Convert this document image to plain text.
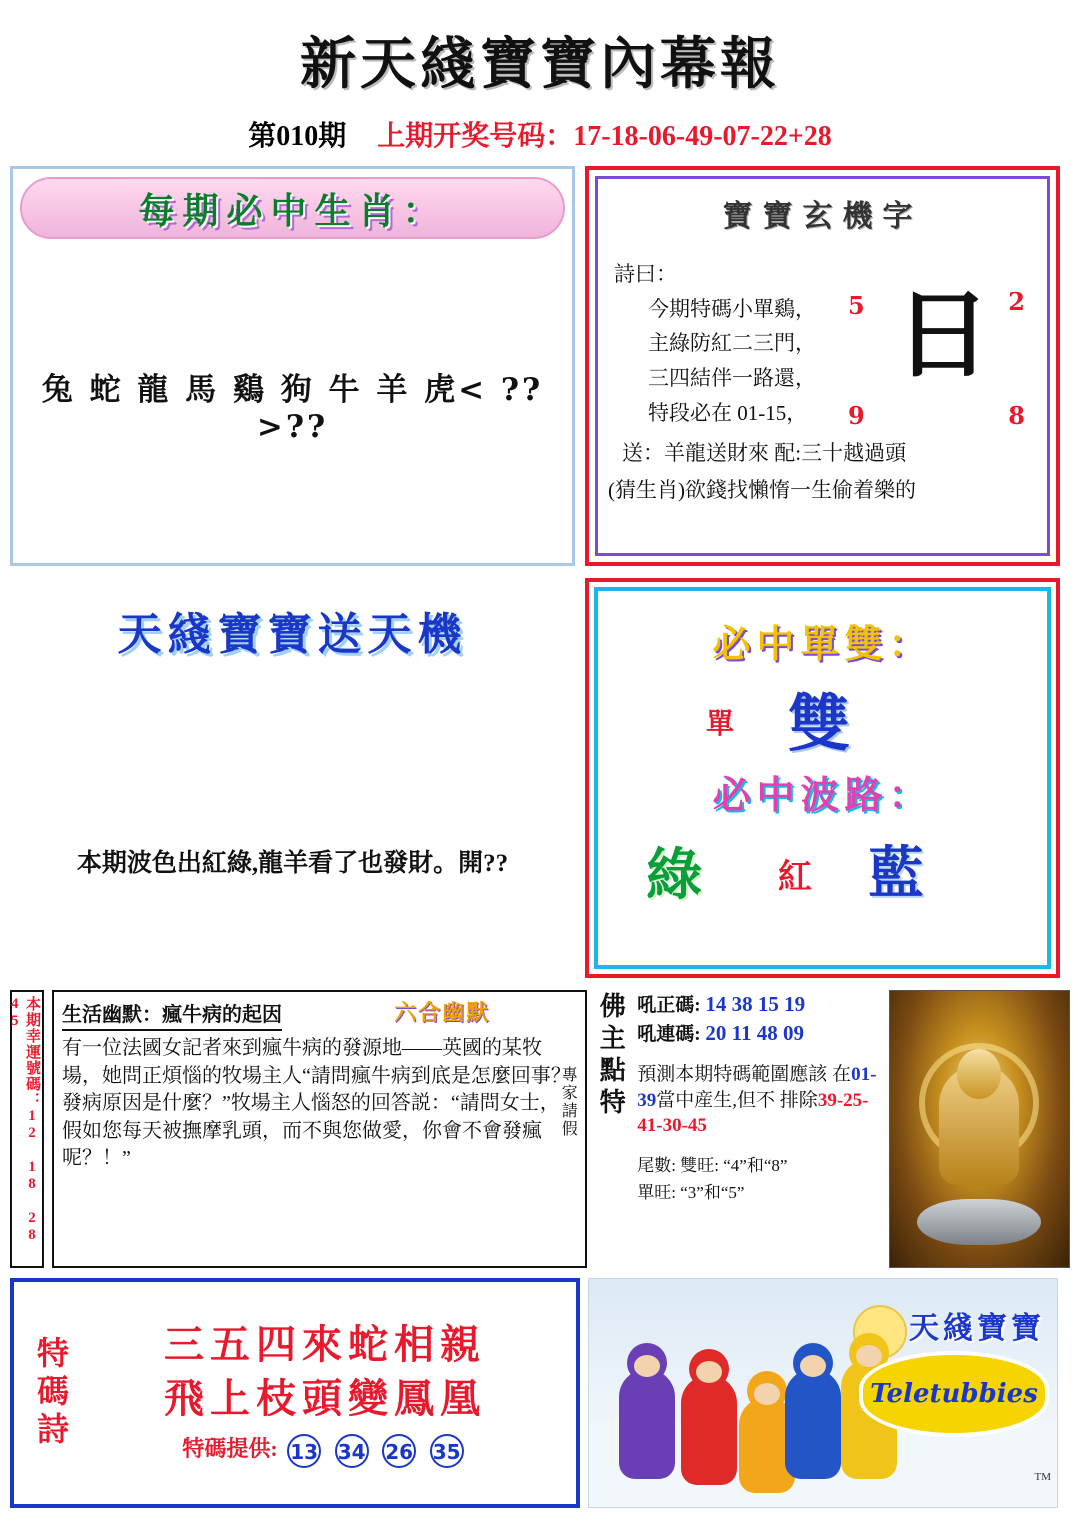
新天綫寶寶內幕報
第010期 上期开奖号码：17-18-06-49-07-22+28
每期必中生肖：
兔 蛇 龍 馬 鷄 狗 牛 羊 虎< ?? >??
寶寶玄機字
詩曰：
今期特碼小單鷄，
主綠防紅二三門，
三四結伴一路還，
特段必在 01-15，
送：羊龍送財來 配:三十越過頭
(猜生肖)欲錢找懶惰一生偷着樂的
日
5	2
9	8
天綫寶寶送天機
本期波色出紅綠,龍羊看了也發財。開??
必中單雙：
單 雙
必中波路：
綠 紅 藍
本期幸運號碼：12 18 28 45	六合幽默
生活幽默：瘋牛病的起因
有一位法國女記者來到瘋牛病的發源地——英國的某牧場，她問正煩惱的牧場主人“請問瘋牛病到底是怎麼回事？發病原因是什麼？”牧場主人惱怒的回答説：“請問女士，假如您每天被撫摩乳頭，而不與您做愛，你會不會發瘋呢？！”
專家請假 佛主點特 吼正碼: 14 38 15 19
吼連碼: 20 11 48 09
預測本期特碼範圍應該 在01-39當中産生,但不 排除39-25-41-30-45
尾數: 雙旺: “4”和“8”
單旺: “3”和“5”
特碼詩	三五四來蛇相親
飛上枝頭變鳳凰
特碼提供: 13 34 26 35
天綫寶寶
Teletubbies
TM
